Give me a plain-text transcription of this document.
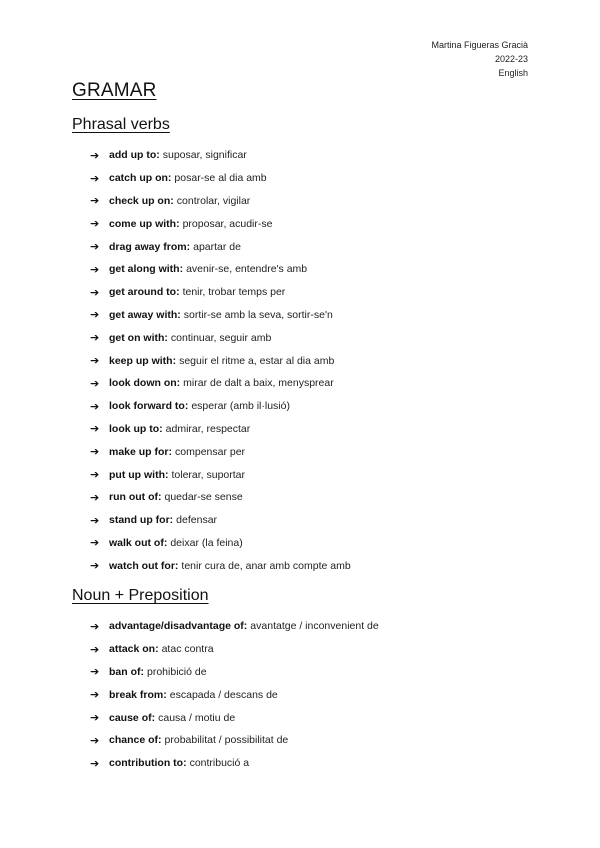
Martina Figueras Gracià
2022-23
English
GRAMAR
Phrasal verbs
➔ add up to: suposar, significar
➔ catch up on: posar-se al dia amb
➔ check up on: controlar, vigilar
➔ come up with: proposar, acudir-se
➔ drag away from: apartar de
➔ get along with: avenir-se, entendre's amb
➔ get around to: tenir, trobar temps per
➔ get away with: sortir-se amb la seva, sortir-se'n
➔ get on with: continuar, seguir amb
➔ keep up with: seguir el ritme a, estar al dia amb
➔ look down on: mirar de dalt a baix, menysprear
➔ look forward to: esperar (amb il·lusió)
➔ look up to: admirar, respectar
➔ make up for: compensar per
➔ put up with: tolerar, suportar
➔ run out of: quedar-se sense
➔ stand up for: defensar
➔ walk out of: deixar (la feina)
➔ watch out for: tenir cura de, anar amb compte amb
Noun + Preposition
➔ advantage/disadvantage of: avantatge / inconvenient de
➔ attack on: atac contra
➔ ban of: prohibició de
➔ break from: escapada / descans de
➔ cause of: causa / motiu de
➔ chance of: probabilitat / possibilitat de
➔ contribution to: contribució a
